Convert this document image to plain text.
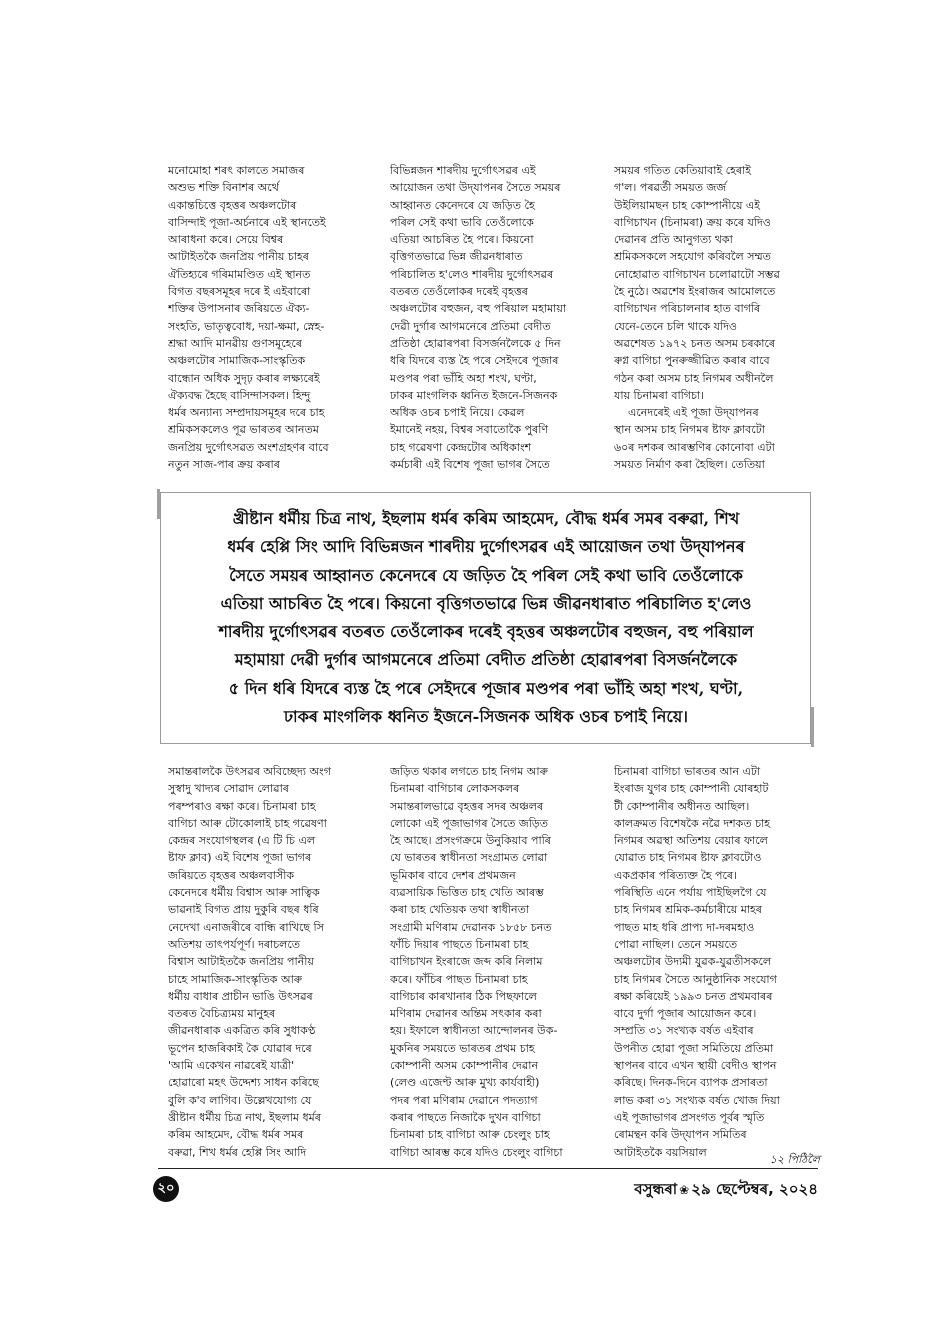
মনোমোহা শৰৎ কালতে সমাজৰ
অশুভ শক্তি বিনাশৰ অৰ্থে
একান্তচিত্তে বৃহত্তৰ অঞ্চলটোৰ
বাসিন্দাই পূজা-অৰ্চনাৰে এই স্থানতেই
আৰাধনা কৰে। সেয়ে বিশ্বৰ
আটাইতকৈ জনপ্ৰিয় পানীয় চাহৰ
ঐতিহ্যৰে গৰিমামণ্ডিত এই স্থানত
বিগত বছৰসমূহৰ দৰে ই এইবাৰো
শক্তিৰ উপাসনাৰ জৰিয়তে ঐক্য-
সংহতি, ভাতৃত্ববোধ, দয়া-ক্ষমা, স্নেহ-
শ্ৰদ্ধা আদি মানৱীয় গুণসমূহেৰে
অঞ্চলটোৰ সামাজিক-সাংস্কৃতিক
বান্ধোন অধিক সুদৃঢ় কৰাৰ লক্ষ্যৰেই
ঐক্যবদ্ধ হৈছে বাসিন্দাসকল। হিন্দু
ধৰ্মৰ অন্যান্য সম্প্ৰদায়সমূহৰ দৰে চাহ
শ্ৰমিকসকলেও পূৱ ভাৰতৰ আনতম
জনপ্ৰিয় দুৰ্গোৎসৱত অংশগ্ৰহণৰ বাবে
নতুন সাজ-পাৰ ক্ৰয় কৰাৰ
বিভিন্নজন শাৰদীয় দুৰ্গোৎসৱৰ এই
আয়োজন তথা উদ্‌যাপনৰ সৈতে সময়ৰ
আহ্বানত কেনেদৰে যে জড়িত হৈ
পৰিল সেই কথা ভাবি তেওঁলোকে
এতিয়া আচৰিত হৈ পৰে। কিয়নো
বৃত্তিগতভাৱে ভিন্ন জীৱনধাৰাত
পৰিচালিত হ'লেও শাৰদীয় দুৰ্গোৎসৱৰ
বতৰত তেওঁলোকৰ দৰেই বৃহত্তৰ
অঞ্চলটোৰ বহুজন, বহু পৰিয়াল মহামায়া
দেৱী দুৰ্গাৰ আগমনেৰে প্ৰতিমা বেদীত
প্ৰতিষ্ঠা হোৱাৰপৰা বিসৰ্জনলৈকে ৫ দিন
ধৰি যিদৰে ব্যস্ত হৈ পৰে সেইদৰে পূজাৰ
মণ্ডপৰ পৰা ভাঁহি অহা শংখ, ঘণ্টা,
ঢাকৰ মাংগলিক ধ্বনিত ইজনে-সিজনক
অধিক ওচৰ চপাই নিয়ে। কেৱল
ইমানেই নহয়, বিশ্বৰ সবাতোকৈ পুৰণি
চাহ গৱেষণা কেন্দ্ৰটোৰ অধিকাংশ
কৰ্মচাৰী এই বিশেষ পূজা ভাগৰ সৈতে
সময়ৰ গতিত কেতিয়াবাই হেৰাই
গ'ল। পৰৱৰ্তী সময়ত জৰ্জ
উইলিয়ামছন চাহ কোম্পানীয়ে এই
বাগিচাখন (চিনামৰা) ক্ৰয় কৰে যদিও
দেৱানৰ প্ৰতি আনুগত্য থকা
শ্ৰমিকসকলে সহযোগ কৰিবলৈ সম্মত
নোহোৱাত বাগিচাখন চলোৱাটো সম্ভৱ
হৈ নুঠে। অৱশেষ ইংৰাজৰ আমোলতে
বাগিচাখন পৰিচালনাৰ হাত বাগৰি
যেনে-তেনে চলি থাকে যদিও
অৱশেষত ১৯৭২ চনত অসম চৰকাৰে
ৰুগ্ন বাগিচা পুনৰুজ্জীৱিত কৰাৰ বাবে
গঠন কৰা অসম চাহ নিগমৰ অধীনলৈ
যায় চিনামৰা বাগিচা।
এনেদৰেই এই পূজা উদ্‌যাপনৰ
স্থান অসম চাহ নিগমৰ ষ্টাফ ক্লাবটো
৬০ৰ দশকৰ আৰম্ভণিৰ কোনোবা এটা
সময়ত নিৰ্মাণ কৰা হৈছিল। তেতিয়া
খ্ৰীষ্টান ধৰ্মীয় চিত্ৰ নাথ, ইছলাম ধৰ্মৰ কৰিম আহমেদ, বৌদ্ধ ধৰ্মৰ সমৰ বৰুৱা, শিখ
ধৰ্মৰ হেপ্পি সিং আদি বিভিন্নজন শাৰদীয় দুৰ্গোৎসৱৰ এই আয়োজন তথা উদ্‌যাপনৰ
সৈতে সময়ৰ আহ্বানত কেনেদৰে যে জড়িত হৈ পৰিল সেই কথা ভাবি তেওঁলোকে
এতিয়া আচৰিত হৈ পৰে। কিয়নো বৃত্তিগতভাৱে ভিন্ন জীৱনধাৰাত পৰিচালিত হ'লেও
শাৰদীয় দুৰ্গোৎসৱৰ বতৰত তেওঁলোকৰ দৰেই বৃহত্তৰ অঞ্চলটোৰ বহুজন, বহু পৰিয়াল
মহামায়া দেৱী দুৰ্গাৰ আগমনেৰে প্ৰতিমা বেদীত প্ৰতিষ্ঠা হোৱাৰপৰা বিসৰ্জনলৈকে
৫ দিন ধৰি যিদৰে ব্যস্ত হৈ পৰে সেইদৰে পূজাৰ মণ্ডপৰ পৰা ভাঁহি অহা শংখ, ঘণ্টা,
ঢাকৰ মাংগলিক ধ্বনিত ইজনে-সিজনক অধিক ওচৰ চপাই নিয়ে।
সমান্তৰালকৈ উৎসৱৰ অবিচ্ছেদ্য অংগ
সুস্বাদু খাদ্যৰ সোৱাদ লোৱাৰ
পৰম্পৰাও ৰক্ষা কৰে। চিনামৰা চাহ
বাগিচা আৰু টোকোলাই চাহ গৱেষণা
কেন্দ্ৰৰ সংযোগস্থলৰ (এ টি চি এল
ষ্টাফ ক্লাব) এই বিশেষ পূজা ভাগৰ
জৰিয়তে বৃহত্তৰ অঞ্চলবাসীক
কেনেদৰে ধৰ্মীয় বিশ্বাস আৰু সাত্বিক
ভাৱনাই বিগত প্ৰায় দুকুৰি বছৰ ধৰি
নেদেখা এনাজৰীৰে বান্ধি ৰাখিছে সি
অতিশয় তাৎপৰ্যপূৰ্ণ। দৰাচলতে
বিশ্বাস আটাইতকৈ জনপ্ৰিয় পানীয়
চাহে সামাজিক-সাংস্কৃতিক আৰু
ধৰ্মীয় বাধাৰ প্ৰাচীন ভাঙি উৎসৱৰ
বতৰত বৈচিত্ৰ্যময় মানুহৰ
জীৱনধাৰাক একত্ৰিত কৰি সুধাকণ্ঠ
ভূপেন হাজৰিকাই কৈ যোৱাৰ দৰে
'আমি একেখন নাৱৰেই যাত্ৰী'
হোৱাৰো মহৎ উদ্দেশ্য সাধন কৰিছে
বুলি ক'ব লাগিব। উল্লেখযোগ্য যে
খ্ৰীষ্টান ধৰ্মীয় চিত্ৰ নাথ, ইছলাম ধৰ্মৰ
কৰিম আহমেদ, বৌদ্ধ ধৰ্মৰ সমৰ
বৰুৱা, শিখ ধৰ্মৰ হেপ্পি সিং আদি
জড়িত থকাৰ লগতে চাহ নিগম আৰু
চিনামৰা বাগিচাৰ লোকসকলৰ
সমান্তৰালভাৱে বৃহত্তৰ সদৰ অঞ্চলৰ
লোকো এই পূজাভাগৰ সৈতে জড়িত
হৈ আছে। প্ৰসংগক্ৰমে উনুকিয়াব পাৰি
যে ভাৰতৰ স্বাধীনতা সংগ্ৰামত লোৱা
ভূমিকাৰ বাবে দেশৰ প্ৰথমজন
ব্যৱসায়িক ভিত্তিত চাহ খেতি আৰম্ভ
কৰা চাহ খেতিয়ক তথা স্বাধীনতা
সংগ্ৰামী মণিৰাম দেৱানক ১৮৫৮ চনত
ফাঁচি দিয়াৰ পাছতে চিনামৰা চাহ
বাগিচাখন ইংৰাজে জব্দ কৰি নিলাম
কৰে। ফাঁচিৰ পাছত চিনামৰা চাহ
বাগিচাৰ কাৰখানাৰ ঠিক পিছফালে
মণিৰাম দেৱানৰ অন্তিম সৎকাৰ কৰা
হয়। ইফালে স্বাধীনতা আন্দোলনৰ উক-
মুকনিৰ সময়তে ভাৰতৰ প্ৰথম চাহ
কোম্পানী অসম কোম্পানীৰ দেৱান
(লেণ্ড এজেণ্ট আৰু মুখ্য কাৰ্যবাহী)
পদৰ পৰা মণিৰাম দেৱানে পদত্যাগ
কৰাৰ পাছতে নিজাকৈ দুখন বাগিচা
চিনামৰা চাহ বাগিচা আৰু চেংলুং চাহ
বাগিচা আৰম্ভ কৰে যদিও চেংলুং বাগিচা
চিনামৰা বাগিচা ভাৰতৰ আন এটা
ইংৰাজ যুগৰ চাহ কোম্পানী যোৰহাট
টী কোম্পানীৰ অধীনত আছিল।
কালক্ৰমত বিশেষকৈ নৱৈ দশকত চাহ
নিগমৰ অৱস্থা অতিশয় বেয়াৰ ফালে
যোৱাত চাহ নিগমৰ ষ্টাফ ক্লাবটোও
একপ্ৰকাৰ পৰিত্যক্ত হৈ পৰে।
পৰিস্থিতি এনে পৰ্যায় পাইছিলগৈ যে
চাহ নিগমৰ শ্ৰমিক-কৰ্মচাৰীয়ে মাহৰ
পাছত মাহ ধৰি প্ৰাপ্য দা-দৰমহাও
পোৱা নাছিল। তেনে সময়তে
অঞ্চলটোৰ উদ্যমী যুৱক-যুৱতীসকলে
চাহ নিগমৰ সৈতে আনুষ্ঠানিক সংযোগ
ৰক্ষা কৰিয়েই ১৯৯৩ চনত প্ৰথমবাৰৰ
বাবে দুৰ্গা পূজাৰ আয়োজন কৰে।
সম্প্ৰতি ৩১ সংখ্যক বৰ্ষত এইবাৰ
উপনীত হোৱা পূজা সমিতিয়ে প্ৰতিমা
স্থাপনৰ বাবে এখন স্থায়ী বেদীও স্থাপন
কৰিছে। দিনক-দিনে ব্যাপক প্ৰসাৰতা
লাভ কৰা ৩১ সংখ্যক বৰ্ষত খোজ দিয়া
এই পূজাভাগৰ প্ৰসংগত পূৰ্বৰ স্মৃতি
ৰোমন্থন কৰি উদ্‌যাপন সমিতিৰ
আটাইতকৈ বয়সিয়াল
১২ পিঠিলৈ
২০	বসুন্ধৰা ❀ ২৯ ছেপ্টেম্বৰ, ২০২৪
